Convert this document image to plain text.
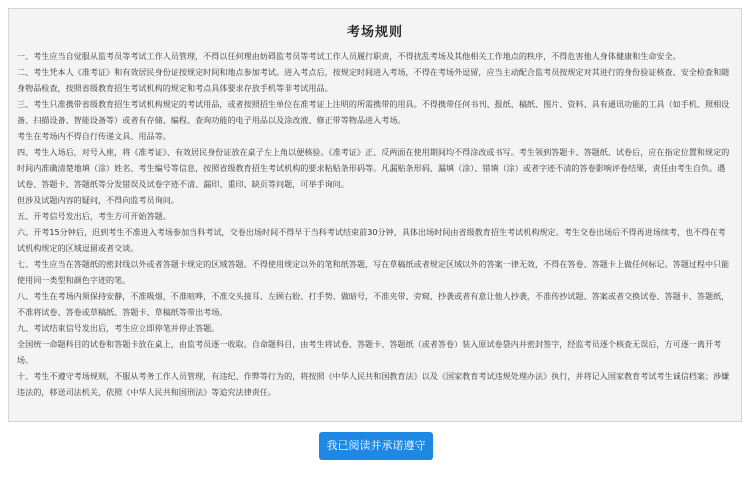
考场规则

一、考生应当自觉服从监考员等考试工作人员管理，不得以任何理由妨碍监考员等考试工作人员履行职责，不得扰乱考场及其他相关工作地点的秩序，不得危害他人身体健康和生命安全。

二、考生凭本人《准考证》和有效居民身份证按规定时间和地点参加考试。进入考点后，按规定时间进入考场，不得在考场外逗留，应当主动配合监考员按规定对其进行的身份验证核查、安全检查和随身物品检查，按照省级教育招生考试机构的规定和考点具体要求存放手机等非考试用品。

三、考生只准携带省级教育招生考试机构规定的考试用品，或者按照招生单位在准考证上注明的所需携带的用具。不得携带任何书刊、报纸、稿纸、图片、资料、具有通讯功能的工具（如手机、照相设备、扫描设备、智能设备等）或者有存储、编程、查询功能的电子用品以及涂改液、修正带等物品进入考场。

考生在考场内不得自行传递文具、用品等。

四、考生入场后，对号入座，将《准考证》、有效居民身份证放在桌子左上角以便核验。《准考证》正、反两面在使用期间均不得涂改或书写。考生领到答题卡、答题纸、试卷后，应在指定位置和规定的时间内准确清楚地填（涂）姓名、考生编号等信息，按照省级教育招生考试机构的要求粘贴条形码等。凡漏贴条形码、漏填（涂）、错填（涂）或者字迹不清的答卷影响评卷结果，责任由考生自负。遇试卷、答题卡、答题纸等分发错误及试卷字迹不清、漏印、重印、缺页等问题，可举手询问。

但涉及试题内容的疑问，不得向监考员询问。

五、开考信号发出后，考生方可开始答题。

六、开考15分钟后，迟到考生不准进入考场参加当科考试，交卷出场时间不得早于当科考试结束前30分钟，具体出场时间由省级教育招生考试机构规定。考生交卷出场后不得再进场续考，也不得在考试机构规定的区域逗留或者交谈。

七、考生应当在答题纸的密封线以外或者答题卡规定的区域答题。不得使用规定以外的笔和纸答题，写在草稿纸或者规定区域以外的答案一律无效，不得在答卷、答题卡上做任何标记。答题过程中只能使用同一类型和颜色字迹的笔。

八、考生在考场内须保持安静，不准吸烟，不准喧哗，不准交头接耳、左顾右盼、打手势、做暗号，不准夹带、旁窥、抄袭或者有意让他人抄袭，不准传抄试题、答案或者交换试卷、答题卡、答题纸，不准将试卷、答卷或草稿纸、答题卡、草稿纸等带出考场。

九、考试结束信号发出后，考生应立即停笔并停止答题。

全国统一命题科目的试卷和答题卡放在桌上，由监考员逐一收取。自命题科目，由考生将试卷、答题卡、答题纸（或者答卷）装入原试卷袋内并密封签字，经监考员逐个核查无误后，方可逐一离开考场。

十、考生不遵守考场规则，不服从考务工作人员管理，有违纪、作弊等行为的，将按照《中华人民共和国教育法》以及《国家教育考试违规处理办法》执行，并将记入国家教育考试考生诚信档案；涉嫌违法的，移送司法机关，依照《中华人民共和国刑法》等追究法律责任。

我已阅读并承诺遵守
